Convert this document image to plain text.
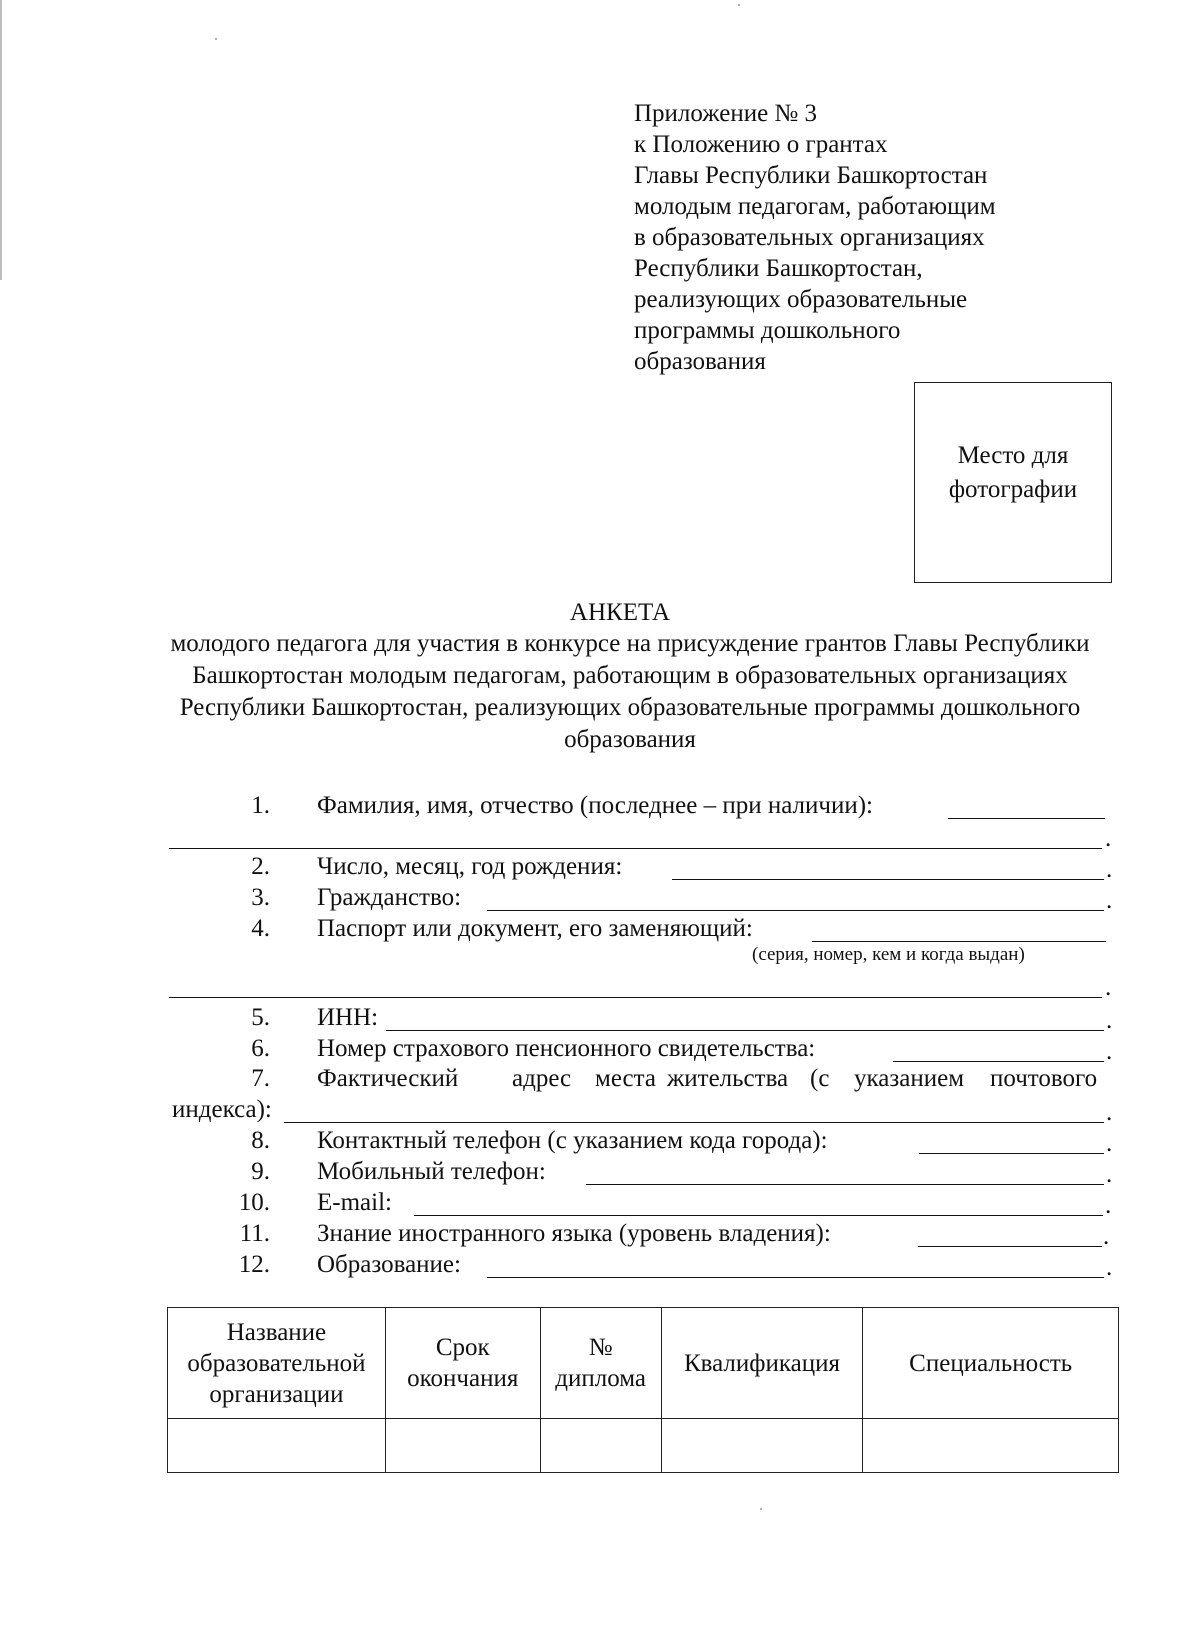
Приложение № 3
к Положению о грантах
Главы Республики Башкортостан
молодым педагогам, работающим
в образовательных организациях
Республики Башкортостан,
реализующих образовательные
программы дошкольного
образования
Место для
фотографии
АНКЕТА
молодого педагога для участия в конкурсе на присуждение грантов Главы Республики Башкортостан молодым педагогам, работающим в образовательных организациях Республики Башкортостан, реализующих образовательные программы дошкольного образования
1. Фамилия, имя, отчество (последнее – при наличии):
.
2. Число, месяц, год рождения:	.
3. Гражданство:	.
4. Паспорт или документ, его заменяющий:
(серия, номер, кем и когда выдан)
.
5. ИНН:	.
6. Номер страхового пенсионного свидетельства:	.
7. Фактический адрес места жительства (с указанием почтового
индекса):	.
8. Контактный телефон (с указанием кода города):	.
9. Мобильный телефон:	.
10. E-mail:	.
11. Знание иностранного языка (уровень владения):	.
12. Образование:	.
Название образовательной организации	Срок окончания	№ диплома	Квалификация	Специальность
